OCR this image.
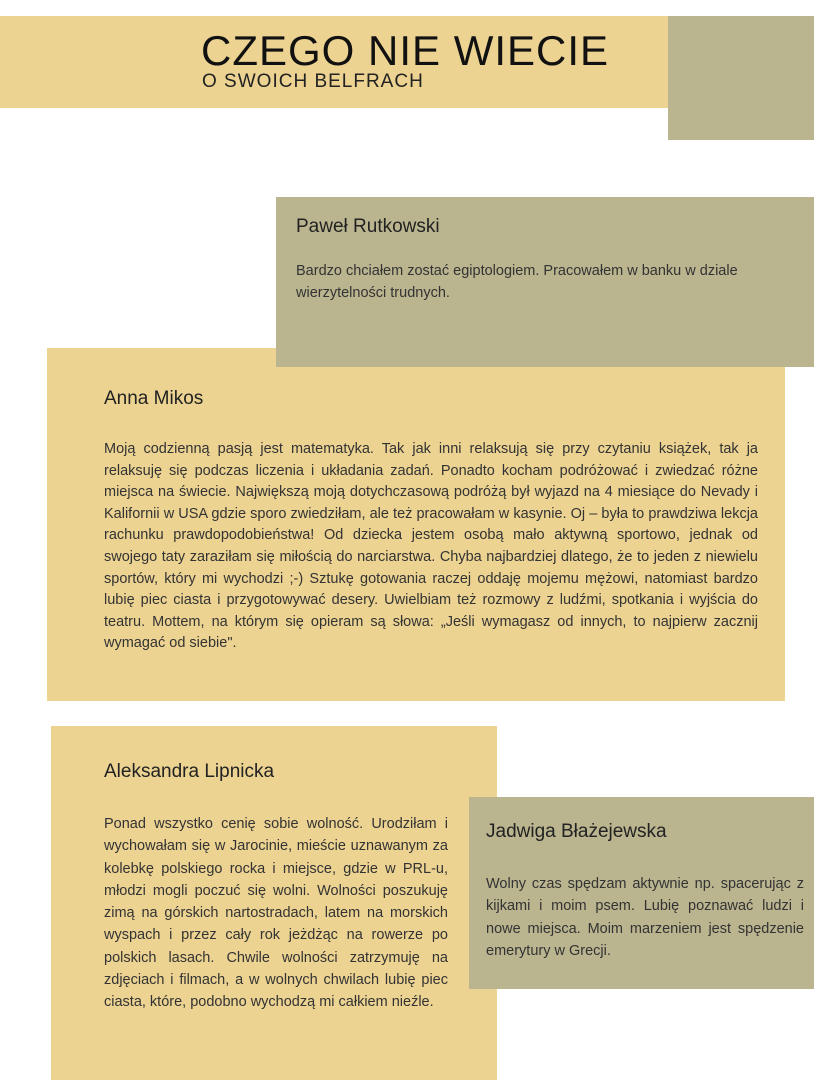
CZEGO NIE WIECIE
O SWOICH BELFRACH
Anna Mikos

Moją codzienną pasją jest matematyka. Tak jak inni relaksują się przy czytaniu książek, tak ja relaksuję się podczas liczenia i układania zadań. Ponadto kocham podróżować i zwiedzać różne miejsca na świecie. Największą moją dotychczasową podróżą był wyjazd na 4 miesiące do Nevady i Kalifornii w USA gdzie sporo zwiedziłam, ale też pracowałam w kasynie. Oj – była to prawdziwa lekcja rachunku prawdopodobieństwa! Od dziecka jestem osobą mało aktywną sportowo, jednak od swojego taty zaraziłam się miłością do narciarstwa. Chyba najbardziej dlatego, że to jeden z niewielu sportów, który mi wychodzi ;-) Sztukę gotowania raczej oddaję mojemu mężowi, natomiast bardzo lubię piec ciasta i przygotowywać desery. Uwielbiam też rozmowy z ludźmi, spotkania i wyjścia do teatru. Mottem, na którym się opieram są słowa: „Jeśli wymagasz od innych, to najpierw zacznij wymagać od siebie".

Paweł Rutkowski

Bardzo chciałem zostać egiptologiem. Pracowałem w banku w dziale wierzytelności trudnych.

Aleksandra Lipnicka

Ponad wszystko cenię sobie wolność. Urodziłam i wychowałam się w Jarocinie, mieście uznawanym za kolebkę polskiego rocka i miejsce, gdzie w PRL-u, młodzi mogli poczuć się wolni. Wolności poszukuję zimą na górskich nartostradach, latem na morskich wyspach i przez cały rok jeżdżąc na rowerze po polskich lasach. Chwile wolności zatrzymuję na zdjęciach i filmach, a w wolnych chwilach lubię piec ciasta, które, podobno wychodzą mi całkiem nieźle.

Jadwiga Błażejewska

Wolny czas spędzam aktywnie np. spacerując z kijkami i moim psem. Lubię poznawać ludzi i nowe miejsca. Moim marzeniem jest spędzenie emerytury w Grecji.
